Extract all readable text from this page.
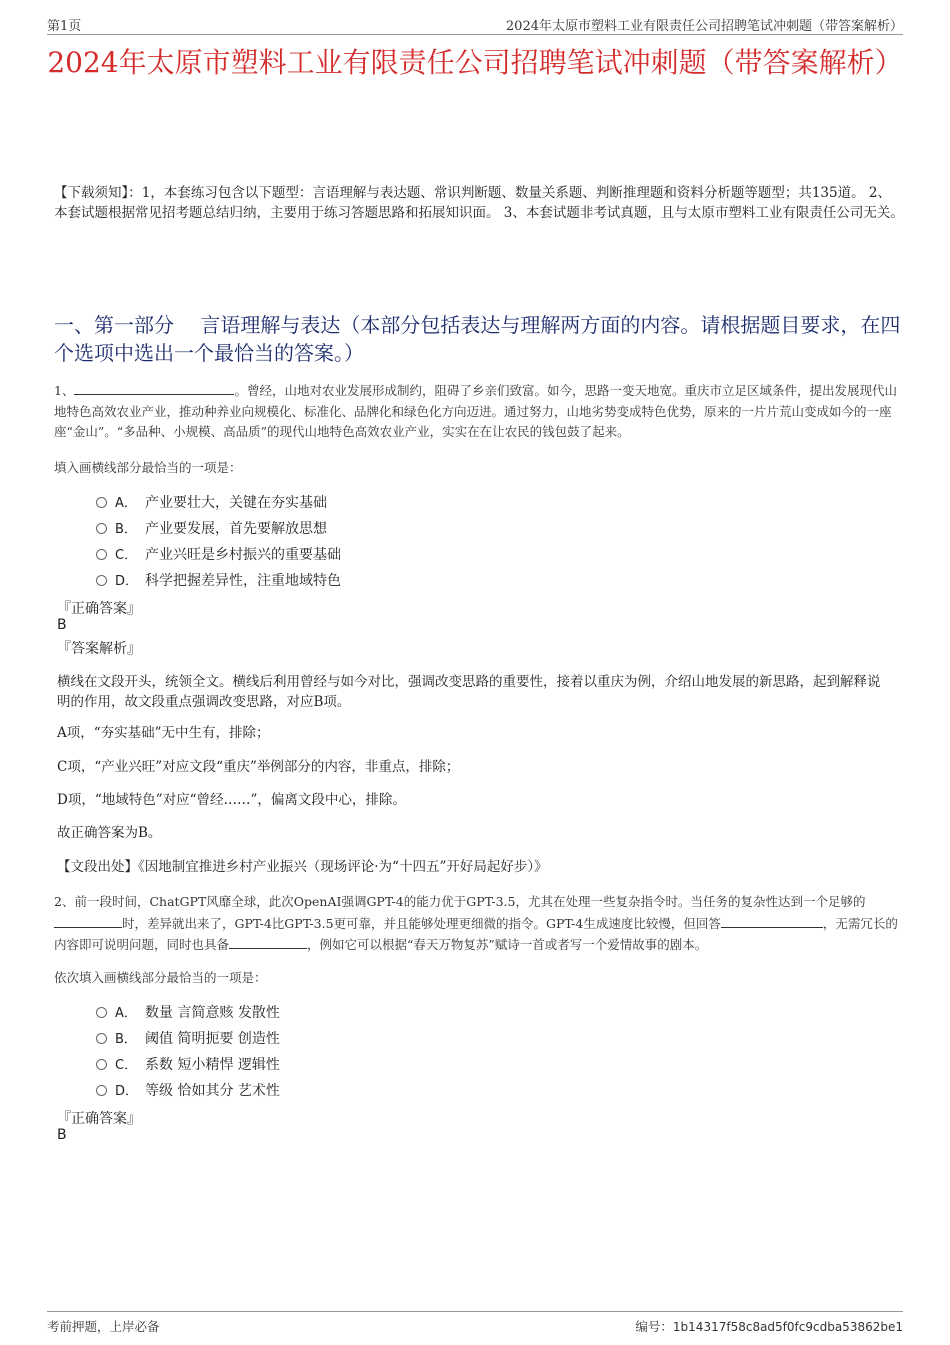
第1页	2024年太原市塑料工业有限责任公司招聘笔试冲刺题（带答案解析）
2024年太原市塑料工业有限责任公司招聘笔试冲刺题（带答案解析）
【下载须知】：1，本套练习包含以下题型：言语理解与表达题、常识判断题、数量关系题、判断推理题和资料分析题等题型；共135道。 2、本套试题根据常见招考题总结归纳，主要用于练习答题思路和拓展知识面。 3、本套试题非考试真题，且与太原市塑料工业有限责任公司无关。
一、第一部分　 言语理解与表达（本部分包括表达与理解两方面的内容。请根据题目要求，在四个选项中选出一个最恰当的答案。）
1、	。曾经，山地对农业发展形成制约，阻碍了乡亲们致富。如今，思路一变天地宽。重庆市立足区域条件，提出发展现代山地特色高效农业产业，推动种养业向规模化、标准化、品牌化和绿色化方向迈进。通过努力，山地劣势变成特色优势，原来的一片片荒山变成如今的一座座“金山”。“多品种、小规模、高品质”的现代山地特色高效农业产业，实实在在让农民的钱包鼓了起来。
填入画横线部分最恰当的一项是：
A． 产业要壮大，关键在夯实基础
B． 产业要发展，首先要解放思想
C． 产业兴旺是乡村振兴的重要基础
D． 科学把握差异性，注重地域特色
『正确答案』
B
『答案解析』
横线在文段开头，统领全文。横线后利用曾经与如今对比，强调改变思路的重要性，接着以重庆为例，介绍山地发展的新思路，起到解释说明的作用，故文段重点强调改变思路，对应B项。
A项，“夯实基础”无中生有，排除；
C项，“产业兴旺”对应文段“重庆”举例部分的内容，非重点，排除；
D项，“地域特色”对应“曾经……”，偏离文段中心，排除。
故正确答案为B。
【文段出处】《因地制宜推进乡村产业振兴（现场评论·为“十四五”开好局起好步）》
2、前一段时间，ChatGPT风靡全球，此次OpenAI强调GPT-4的能力优于GPT-3.5，尤其在处理一些复杂指令时。当任务的复杂性达到一个足够的时，差异就出来了，GPT-4比GPT-3.5更可靠，并且能够处理更细微的指令。GPT-4生成速度比较慢，但回答	，无需冗长的内容即可说明问题，同时也具备	，例如它可以根据“春天万物复苏”赋诗一首或者写一个爱情故事的剧本。
依次填入画横线部分最恰当的一项是：
A． 数量 言简意赅 发散性
B． 阈值 简明扼要 创造性
C． 系数 短小精悍 逻辑性
D． 等级 恰如其分 艺术性
『正确答案』
B
考前押题，上岸必备	编号：1b14317f58c8ad5f0fc9cdba53862be1
